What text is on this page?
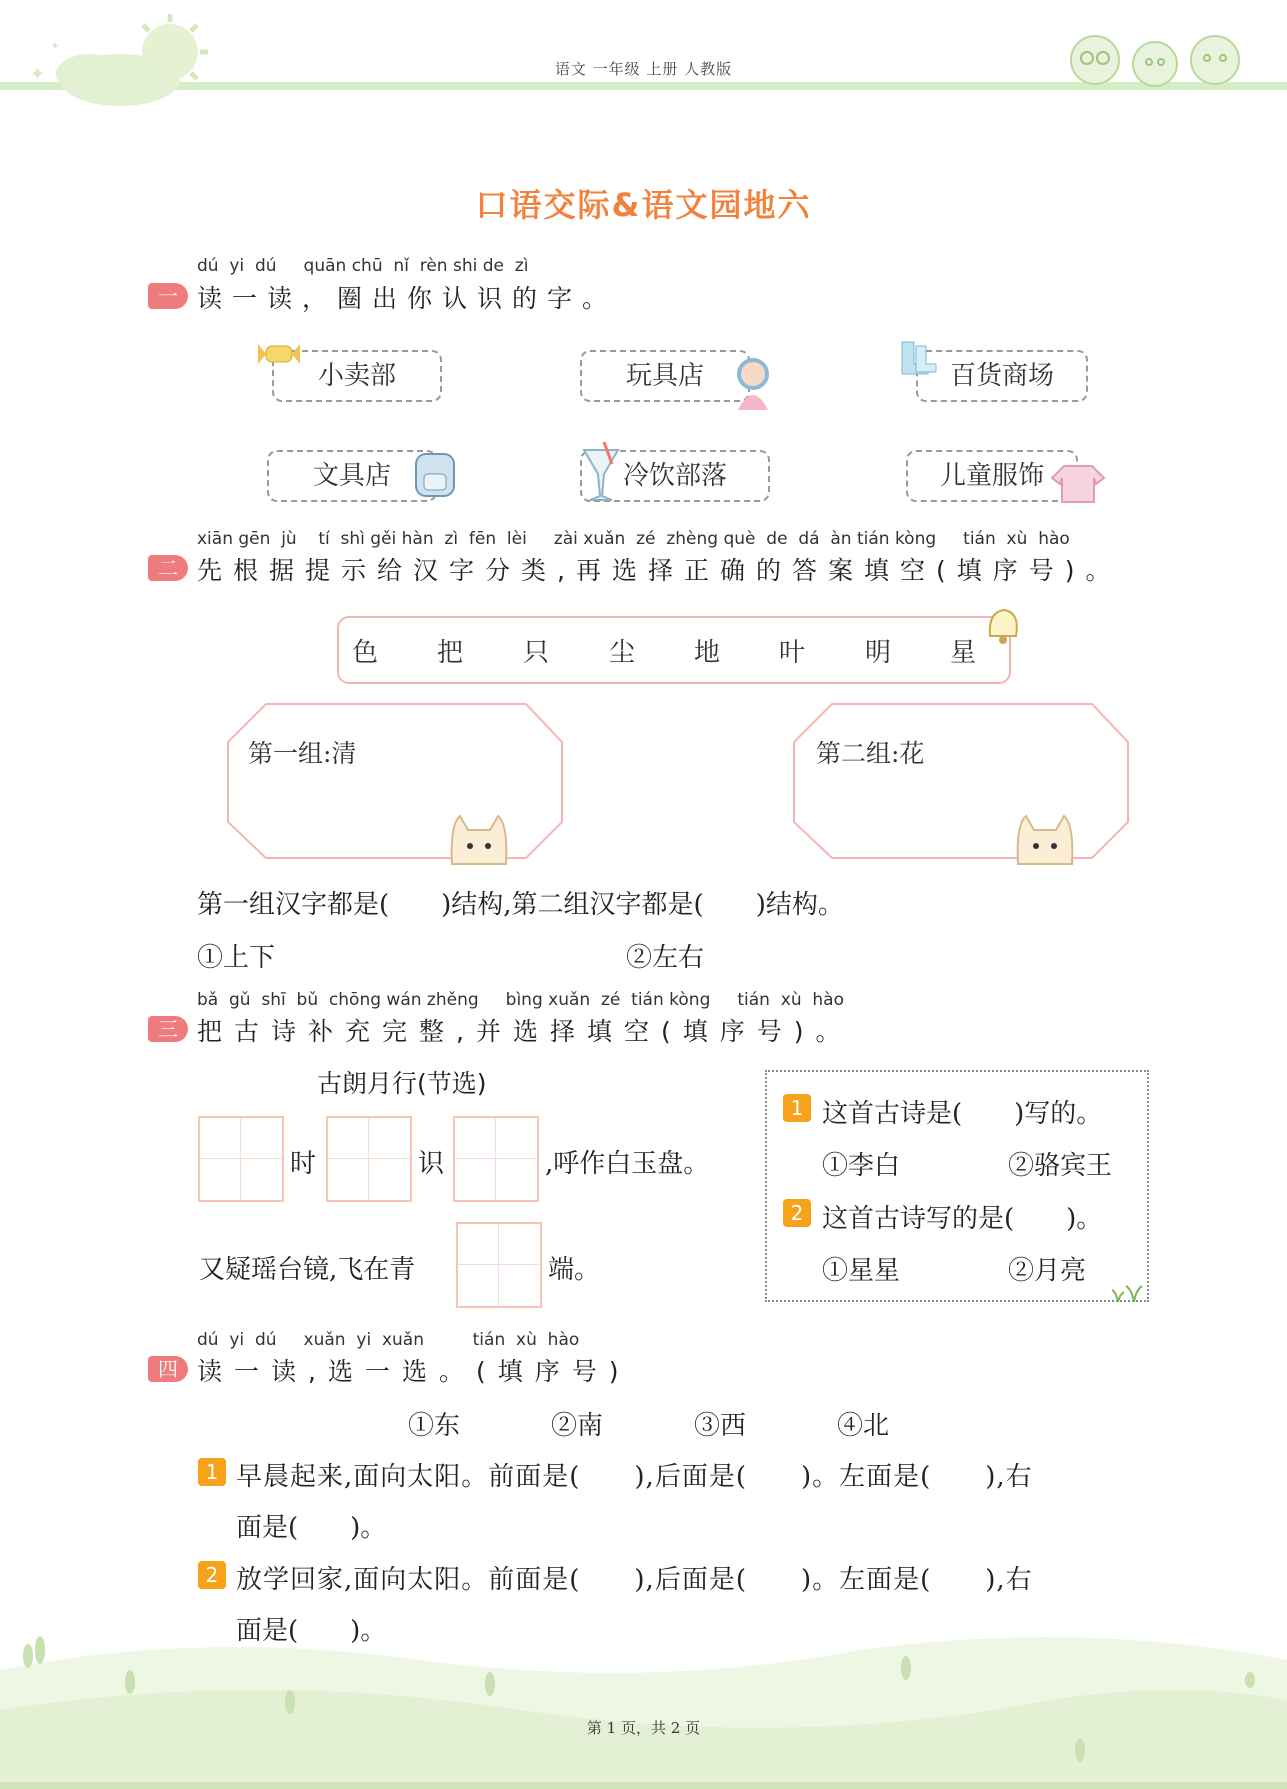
✦
✦
语文 一年级 上册 人教版
口语交际&语文园地六
dú  yi  dú     quān chū  nǐ  rèn shi de  zì
一 读一读，圈出你认识的字。
小卖部	玩具店	百货商场
文具店	冷饮部落	儿童服饰
xiān gēn  jù    tí  shì gěi hàn  zì  fēn  lèi     zài xuǎn  zé  zhèng què  de  dá  àn tián kòng     tián  xù  hào
二 先根据提示给汉字分类,再选择正确的答案填空(填序号)。
色 把 只 尘 地 叶 明 星
第一组:清	第二组:花
第一组汉字都是(　　)结构,第二组汉字都是(　　)结构。
①上下	②左右
bǎ  gǔ  shī  bǔ  chōng wán zhěng     bìng xuǎn  zé  tián kòng     tián  xù  hào
三 把古诗补充完整,并选择填空(填序号)。
古朗月行(节选)
时	识	,呼作白玉盘。
又疑瑶台镜,飞在青	端。
1 这首古诗是(　　)写的。
①李白	②骆宾王
2 这首古诗写的是(　　)。
①星星	②月亮
dú  yi  dú     xuǎn  yi  xuǎn         tián  xù  hào
四 读一读,选一选。(填序号)
①东	②南	③西	④北
1 早晨起来,面向太阳。前面是(　　),后面是(　　)。左面是(　　),右
面是(　　)。
2 放学回家,面向太阳。前面是(　　),后面是(　　)。左面是(　　),右
面是(　　)。
第 1 页，共 2 页
